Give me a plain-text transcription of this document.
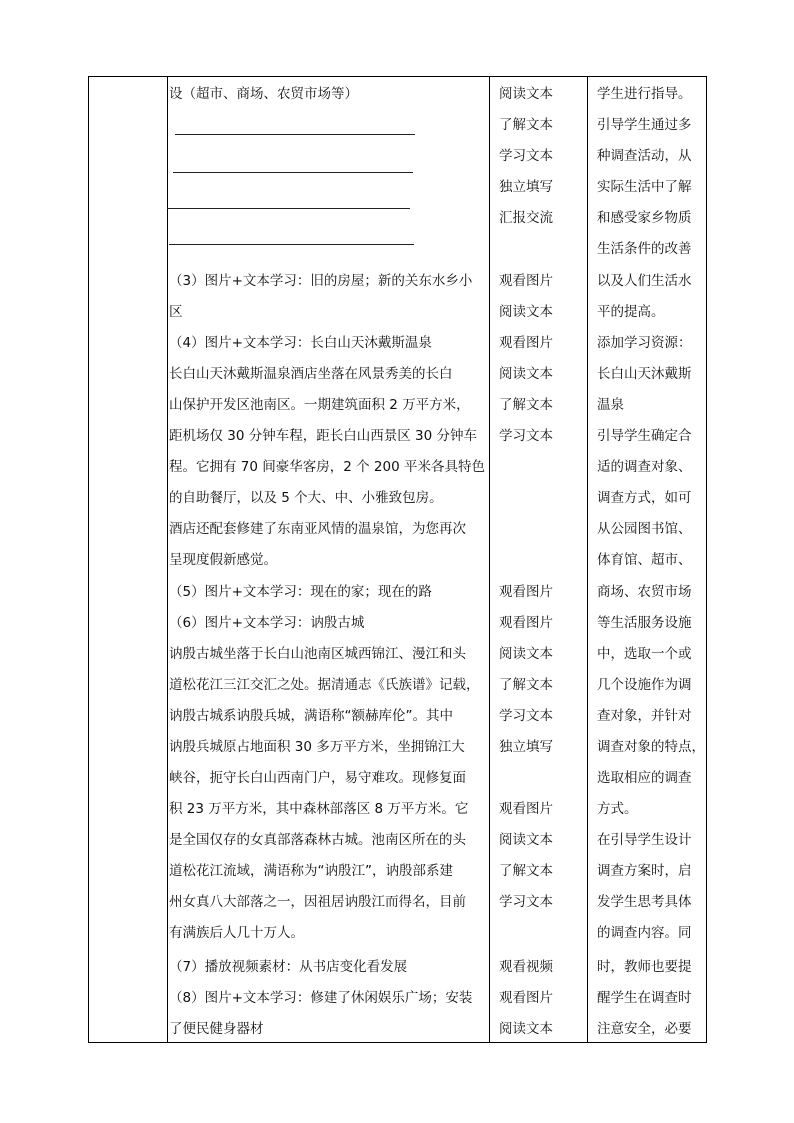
设（超市、商场、农贸市场等）
（3）图片+文本学习：旧的房屋；新的关东水乡小
区
（4）图片+文本学习：长白山天沐戴斯温泉
长白山天沐戴斯温泉酒店坐落在风景秀美的长白
山保护开发区池南区。一期建筑面积 2 万平方米，
距机场仅 30 分钟车程，距长白山西景区 30 分钟车
程。它拥有 70 间豪华客房，2 个 200 平米各具特色
的自助餐厅，以及 5 个大、中、小雅致包房。
酒店还配套修建了东南亚风情的温泉馆，为您再次
呈现度假新感觉。
（5）图片+文本学习：现在的家；现在的路
（6）图片+文本学习：讷殷古城
讷殷古城坐落于长白山池南区城西锦江、漫江和头
道松花江三江交汇之处。据清通志《氏族谱》记载，
讷殷古城系讷殷兵城，满语称“额赫库伦”。其中
讷殷兵城原占地面积 30 多万平方米，坐拥锦江大
峡谷，扼守长白山西南门户，易守难攻。现修复面
积 23 万平方米，其中森林部落区 8 万平方米。它
是全国仅存的女真部落森林古城。池南区所在的头
道松花江流域，满语称为“讷殷江”，讷殷部系建
州女真八大部落之一，因祖居讷殷江而得名，目前
有满族后人几十万人。
（7）播放视频素材：从书店变化看发展
（8）图片+文本学习：修建了休闲娱乐广场；安装
了便民健身器材
阅读文本
了解文本
学习文本
独立填写
汇报交流
观看图片
阅读文本
观看图片
阅读文本
了解文本
学习文本
观看图片
观看图片
阅读文本
了解文本
学习文本
独立填写
观看图片
阅读文本
了解文本
学习文本
观看视频
观看图片
阅读文本
学生进行指导。
引导学生通过多
种调查活动，从
实际生活中了解
和感受家乡物质
生活条件的改善
以及人们生活水
平的提高。
添加学习资源：
长白山天沐戴斯
温泉
引导学生确定合
适的调查对象、
调查方式，如可
从公园图书馆、
体育馆、超市、
商场、农贸市场
等生活服务设施
中，选取一个或
几个设施作为调
查对象，并针对
调查对象的特点，
选取相应的调查
方式。
在引导学生设计
调查方案时，启
发学生思考具体
的调查内容。同
时，教师也要提
醒学生在调查时
注意安全，必要
